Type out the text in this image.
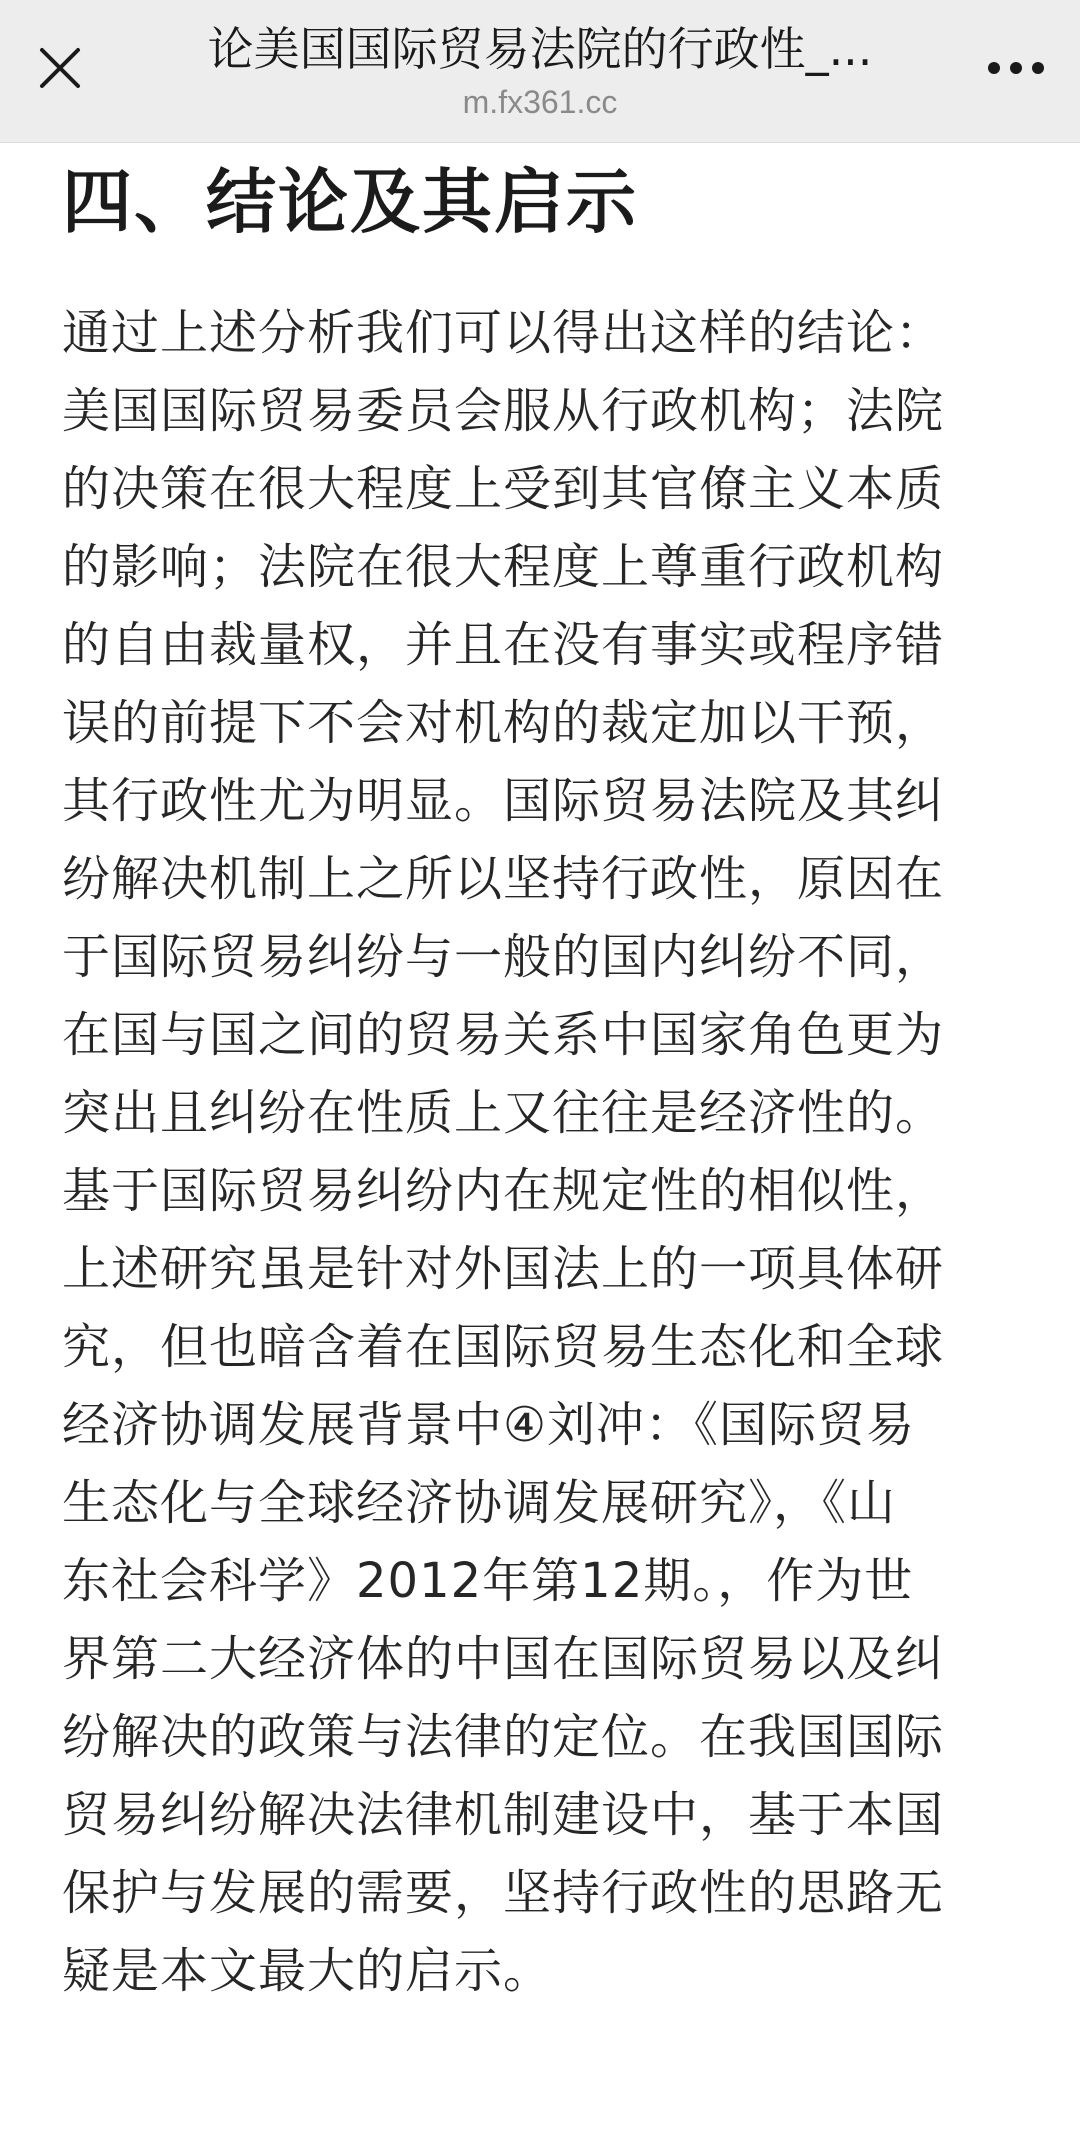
论美国国际贸易法院的行政性_...
m.fx361.cc
四、结论及其启示
通过上述分析我们可以得出这样的结论：
美国国际贸易委员会服从行政机构；法院
的决策在很大程度上受到其官僚主义本质
的影响；法院在很大程度上尊重行政机构
的自由裁量权，并且在没有事实或程序错
误的前提下不会对机构的裁定加以干预，
其行政性尤为明显。国际贸易法院及其纠
纷解决机制上之所以坚持行政性，原因在
于国际贸易纠纷与一般的国内纠纷不同，
在国与国之间的贸易关系中国家角色更为
突出且纠纷在性质上又往往是经济性的。
基于国际贸易纠纷内在规定性的相似性，
上述研究虽是针对外国法上的一项具体研
究，但也暗含着在国际贸易生态化和全球
经济协调发展背景中④刘冲：《国际贸易
生态化与全球经济协调发展研究》，《山
东社会科学》2012年第12期。，作为世
界第二大经济体的中国在国际贸易以及纠
纷解决的政策与法律的定位。在我国国际
贸易纠纷解决法律机制建设中，基于本国
保护与发展的需要，坚持行政性的思路无
疑是本文最大的启示。
